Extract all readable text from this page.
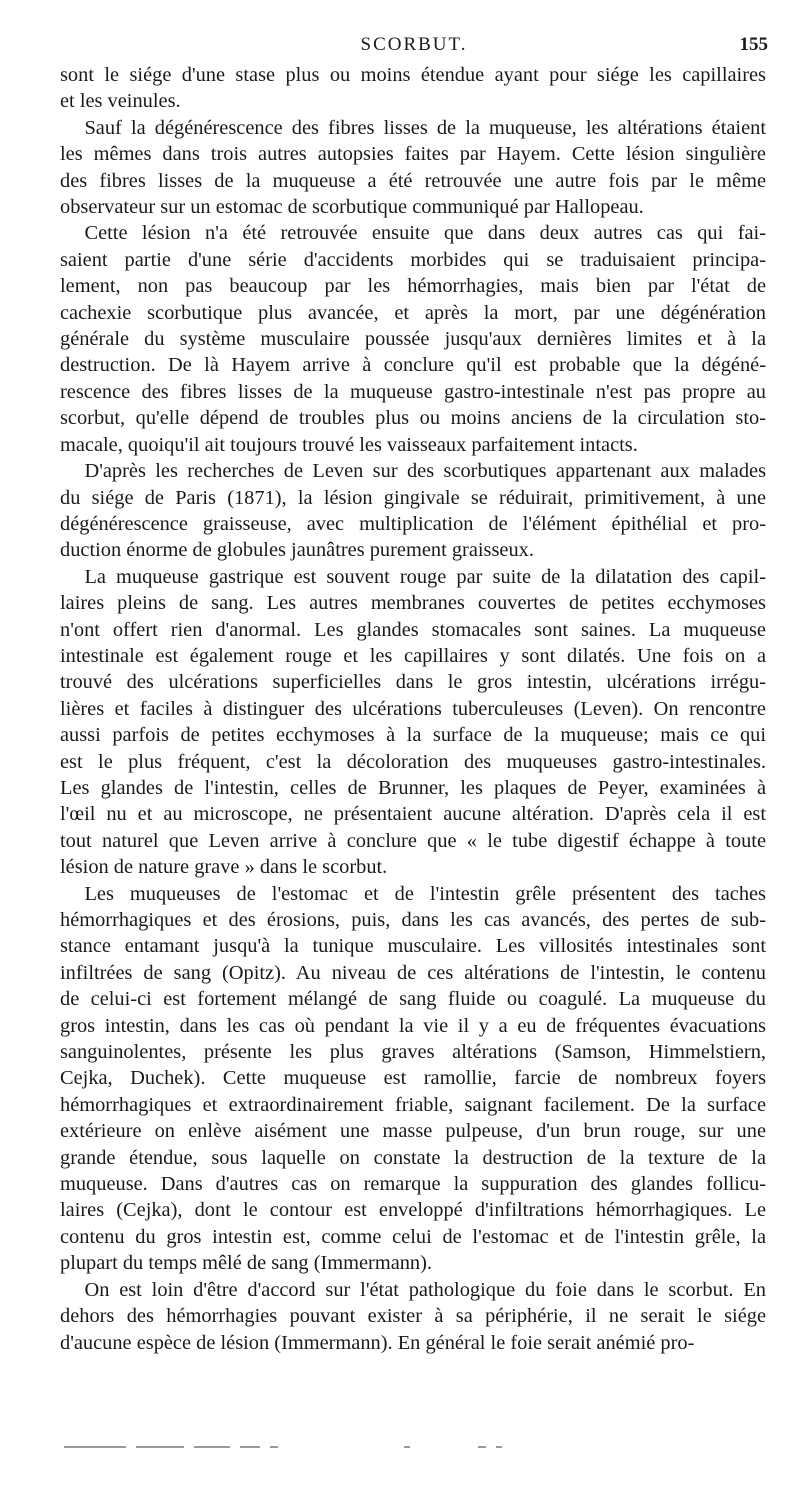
SCORBUT.	155
sont le siége d'une stase plus ou moins étendue ayant pour siége les capillaires
et les veinules.
Sauf la dégénérescence des fibres lisses de la muqueuse, les altérations étaient
les mêmes dans trois autres autopsies faites par Hayem. Cette lésion singulière
des fibres lisses de la muqueuse a été retrouvée une autre fois par le même
observateur sur un estomac de scorbutique communiqué par Hallopeau.
Cette lésion n'a été retrouvée ensuite que dans deux autres cas qui fai-
saient partie d'une série d'accidents morbides qui se traduisaient principa-
lement, non pas beaucoup par les hémorrhagies, mais bien par l'état de
cachexie scorbutique plus avancée, et après la mort, par une dégénération
générale du système musculaire poussée jusqu'aux dernières limites et à la
destruction. De là Hayem arrive à conclure qu'il est probable que la dégéné-
rescence des fibres lisses de la muqueuse gastro-intestinale n'est pas propre au
scorbut, qu'elle dépend de troubles plus ou moins anciens de la circulation sto-
macale, quoiqu'il ait toujours trouvé les vaisseaux parfaitement intacts.
D'après les recherches de Leven sur des scorbutiques appartenant aux malades
du siége de Paris (1871), la lésion gingivale se réduirait, primitivement, à une
dégénérescence graisseuse, avec multiplication de l'élément épithélial et pro-
duction énorme de globules jaunâtres purement graisseux.
La muqueuse gastrique est souvent rouge par suite de la dilatation des capil-
laires pleins de sang. Les autres membranes couvertes de petites ecchymoses
n'ont offert rien d'anormal. Les glandes stomacales sont saines. La muqueuse
intestinale est également rouge et les capillaires y sont dilatés. Une fois on a
trouvé des ulcérations superficielles dans le gros intestin, ulcérations irrégu-
lières et faciles à distinguer des ulcérations tuberculeuses (Leven). On rencontre
aussi parfois de petites ecchymoses à la surface de la muqueuse; mais ce qui
est le plus fréquent, c'est la décoloration des muqueuses gastro-intestinales.
Les glandes de l'intestin, celles de Brunner, les plaques de Peyer, examinées à
l'œil nu et au microscope, ne présentaient aucune altération. D'après cela il est
tout naturel que Leven arrive à conclure que « le tube digestif échappe à toute
lésion de nature grave » dans le scorbut.
Les muqueuses de l'estomac et de l'intestin grêle présentent des taches
hémorrhagiques et des érosions, puis, dans les cas avancés, des pertes de sub-
stance entamant jusqu'à la tunique musculaire. Les villosités intestinales sont
infiltrées de sang (Opitz). Au niveau de ces altérations de l'intestin, le contenu
de celui-ci est fortement mélangé de sang fluide ou coagulé. La muqueuse du
gros intestin, dans les cas où pendant la vie il y a eu de fréquentes évacuations
sanguinolentes, présente les plus graves altérations (Samson, Himmelstiern,
Cejka, Duchek). Cette muqueuse est ramollie, farcie de nombreux foyers
hémorrhagiques et extraordinairement friable, saignant facilement. De la surface
extérieure on enlève aisément une masse pulpeuse, d'un brun rouge, sur une
grande étendue, sous laquelle on constate la destruction de la texture de la
muqueuse. Dans d'autres cas on remarque la suppuration des glandes follicu-
laires (Cejka), dont le contour est enveloppé d'infiltrations hémorrhagiques. Le
contenu du gros intestin est, comme celui de l'estomac et de l'intestin grêle, la
plupart du temps mêlé de sang (Immermann).
On est loin d'être d'accord sur l'état pathologique du foie dans le scorbut. En
dehors des hémorrhagies pouvant exister à sa périphérie, il ne serait le siége
d'aucune espèce de lésion (Immermann). En général le foie serait anémié pro-
